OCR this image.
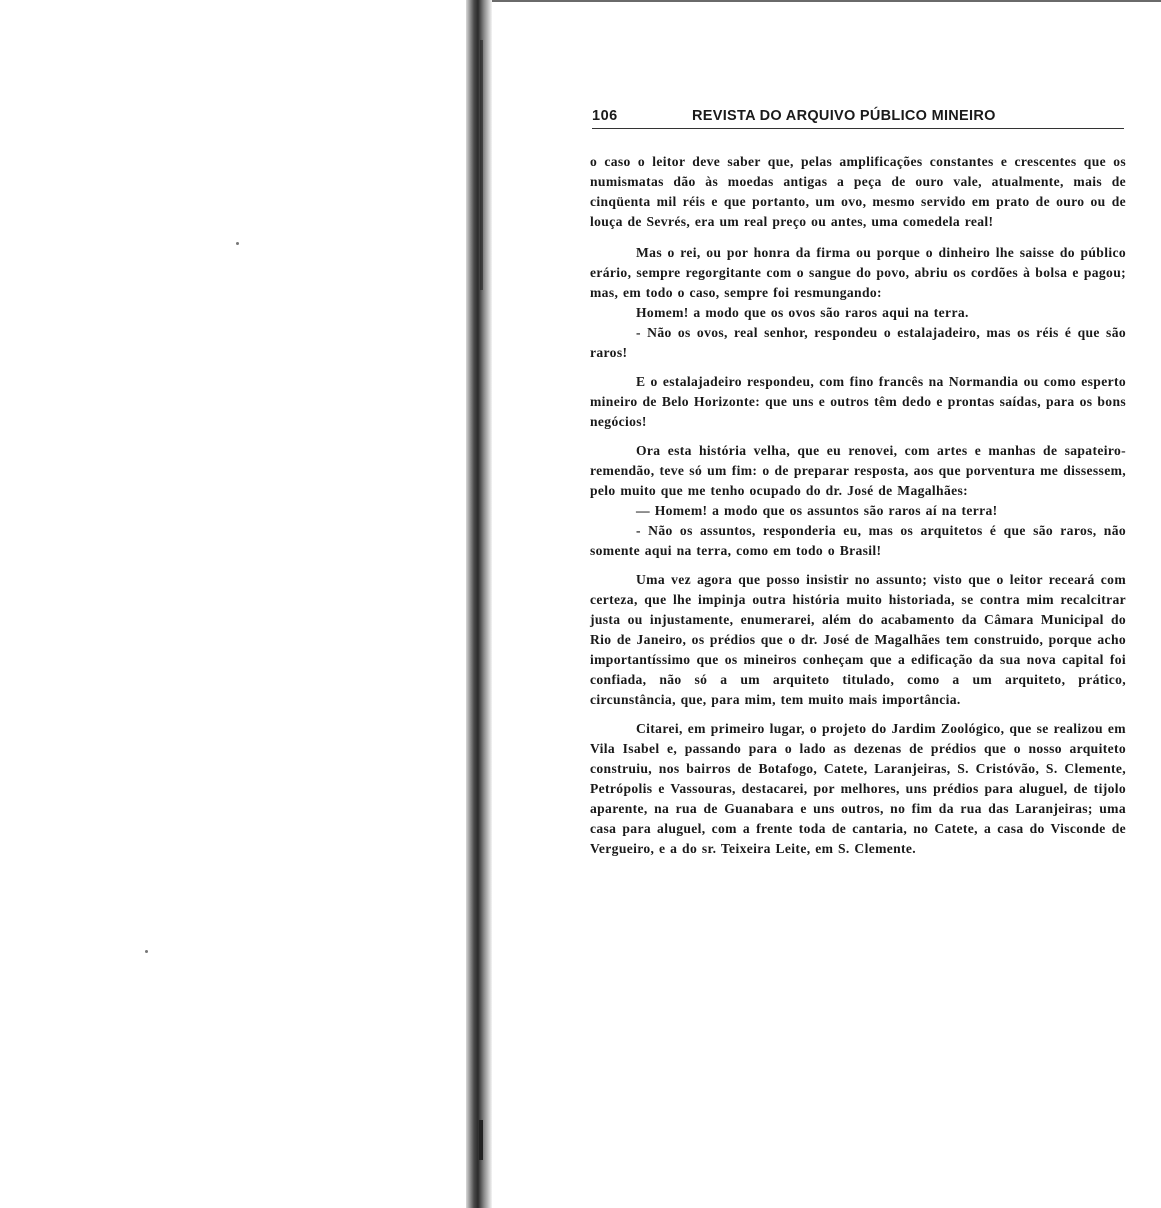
106	REVISTA DO ARQUIVO PÚBLICO MINEIRO

o caso o leitor deve saber que, pelas amplificações constantes e crescentes que os numismatas dão às moedas antigas a peça de ouro vale, atualmente, mais de cinqüenta mil réis e que portanto, um ovo, mesmo servido em prato de ouro ou de louça de Sevrés, era um real preço ou antes, uma comedela real!

Mas o rei, ou por honra da firma ou porque o dinheiro lhe saisse do público erário, sempre regorgitante com o sangue do povo, abriu os cordões à bolsa e pagou; mas, em todo o caso, sempre foi resmungando:

Homem! a modo que os ovos são raros aqui na terra.

- Não os ovos, real senhor, respondeu o estalajadeiro, mas os réis é que são raros!

E o estalajadeiro respondeu, com fino francês na Normandia ou como esperto mineiro de Belo Horizonte: que uns e outros têm dedo e prontas saídas, para os bons negócios!

Ora esta história velha, que eu renovei, com artes e manhas de sapateiro-remendão, teve só um fim: o de preparar resposta, aos que porventura me dissessem, pelo muito que me tenho ocupado do dr. José de Magalhães:

— Homem! a modo que os assuntos são raros aí na terra!

- Não os assuntos, responderia eu, mas os arquitetos é que são raros, não somente aqui na terra, como em todo o Brasil!

Uma vez agora que posso insistir no assunto; visto que o leitor receará com certeza, que lhe impinja outra história muito historiada, se contra mim recalcitrar justa ou injustamente, enumerarei, além do acabamento da Câmara Municipal do Rio de Janeiro, os prédios que o dr. José de Magalhães tem construido, porque acho importantíssimo que os mineiros conheçam que a edificação da sua nova capital foi confiada, não só a um arquiteto titulado, como a um arquiteto, prático, circunstância, que, para mim, tem muito mais importância.

Citarei, em primeiro lugar, o projeto do Jardim Zoológico, que se realizou em Vila Isabel e, passando para o lado as dezenas de prédios que o nosso arquiteto construiu, nos bairros de Botafogo, Catete, Laranjeiras, S. Cristóvão, S. Clemente, Petrópolis e Vassouras, destacarei, por melhores, uns prédios para aluguel, de tijolo aparente, na rua de Guanabara e uns outros, no fim da rua das Laranjeiras; uma casa para aluguel, com a frente toda de cantaria, no Catete, a casa do Visconde de Vergueiro, e a do sr. Teixeira Leite, em S. Clemente.
